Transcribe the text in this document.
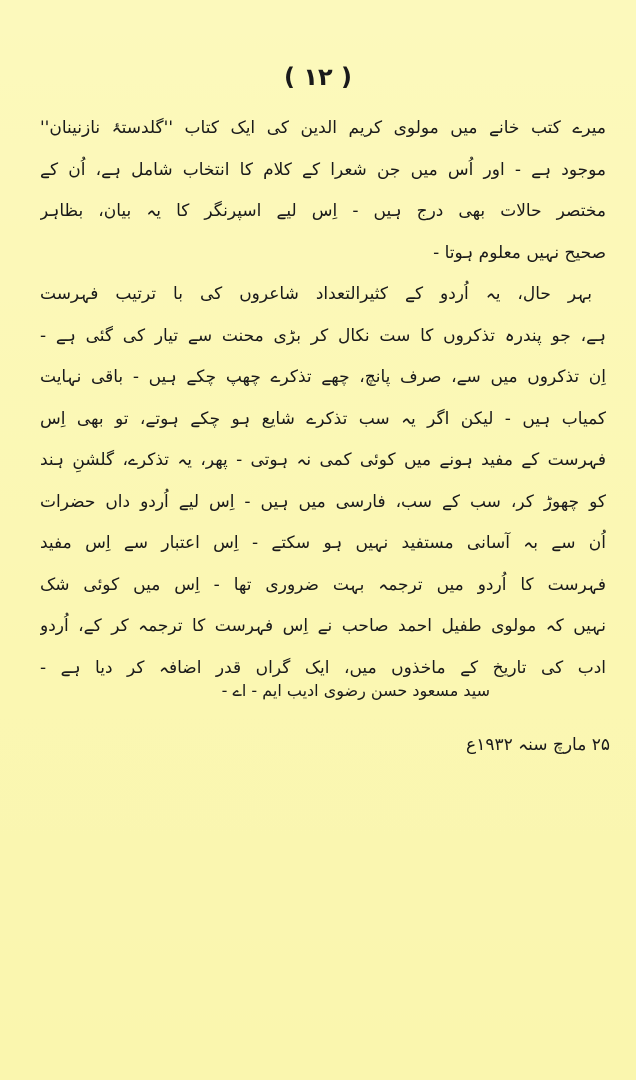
( ١٢ )
میرے کتب خانے میں مولوی کریم الدین کی ایک کتاب ''گلدستۂ نازنینان''
موجود ہے - اور اُس میں جن شعرا کے کلام کا انتخاب شامل ہے، اُن کے
مختصر حالات بھی درج ہیں - اِس لیے اسپرنگر کا یہ بیان، بظاہر
صحیح نہیں معلوم ہوتا -
بہر حال، یہ اُردو کے کثیرالتعداد شاعروں کی با ترتیب فہرست
ہے، جو پندرہ تذکروں کا ست نکال کر بڑی محنت سے تیار کی گئی ہے -
اِن تذکروں میں سے، صرف پانچ، چھے تذکرے چھپ چکے ہیں - باقی نہایت
کمیاب ہیں - لیکن اگر یہ سب تذکرے شایع ہو چکے ہوتے، تو بھی اِس
فہرست کے مفید ہونے میں کوئی کمی نہ ہوتی - پھر، یہ تذکرے، گلشنِ ہند
کو چھوڑ کر، سب کے سب، فارسی میں ہیں - اِس لیے اُردو داں حضرات
اُن سے بہ آسانی مستفید نہیں ہو سکتے - اِس اعتبار سے اِس مفید
فہرست کا اُردو میں ترجمہ بہت ضروری تھا - اِس میں کوئی شک
نہیں کہ مولوی طفیل احمد صاحب نے اِس فہرست کا ترجمہ کر کے، اُردو
ادب کی تاریخ کے ماخذوں میں، ایک گراں قدر اضافہ کر دیا ہے -
سید مسعود حسن رضوی ادیب ایم - اے -
۲۵ مارچ سنہ ۱۹۳۲ع
